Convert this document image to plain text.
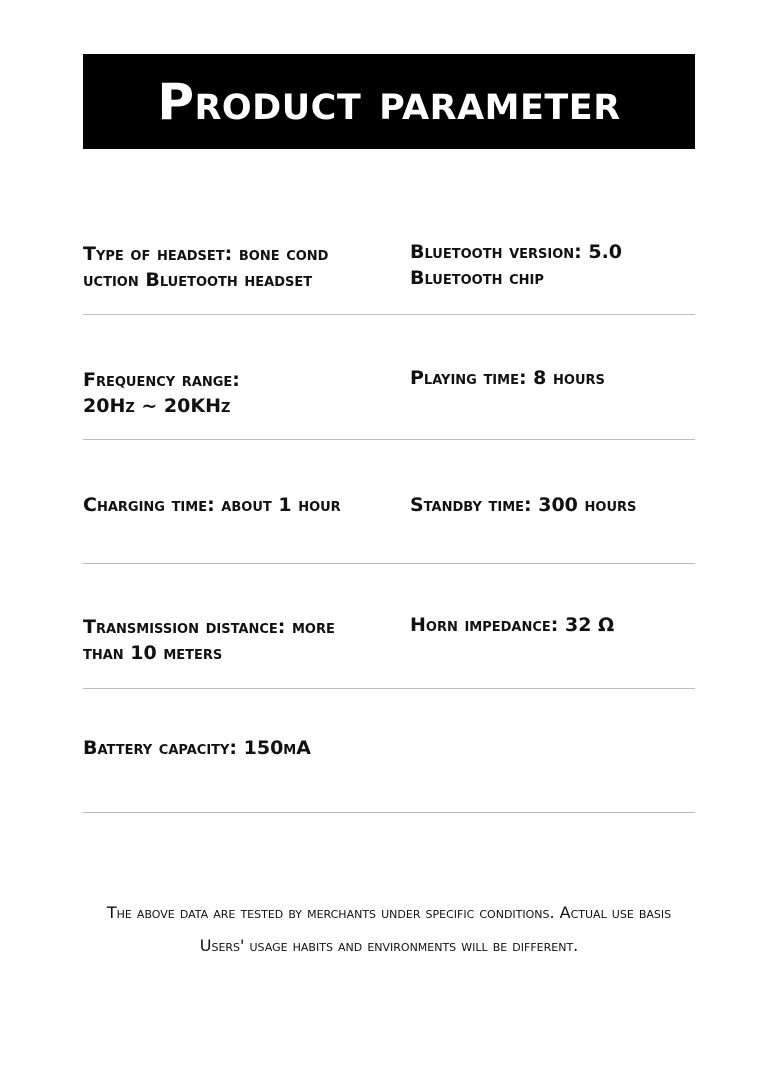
Product parameter
Type of headset: bone cond
uction Bluetooth headset
Bluetooth version: 5.0
Bluetooth chip
Frequency range:
20Hz ~ 20KHz
Playing time: 8 hours
Charging time: about 1 hour	Standby time: 300 hours
Transmission distance: more
than 10 meters
Horn impedance: 32 Ω
Battery capacity: 150mA
The above data are tested by merchants under specific conditions. Actual use basis
Users' usage habits and environments will be different.
